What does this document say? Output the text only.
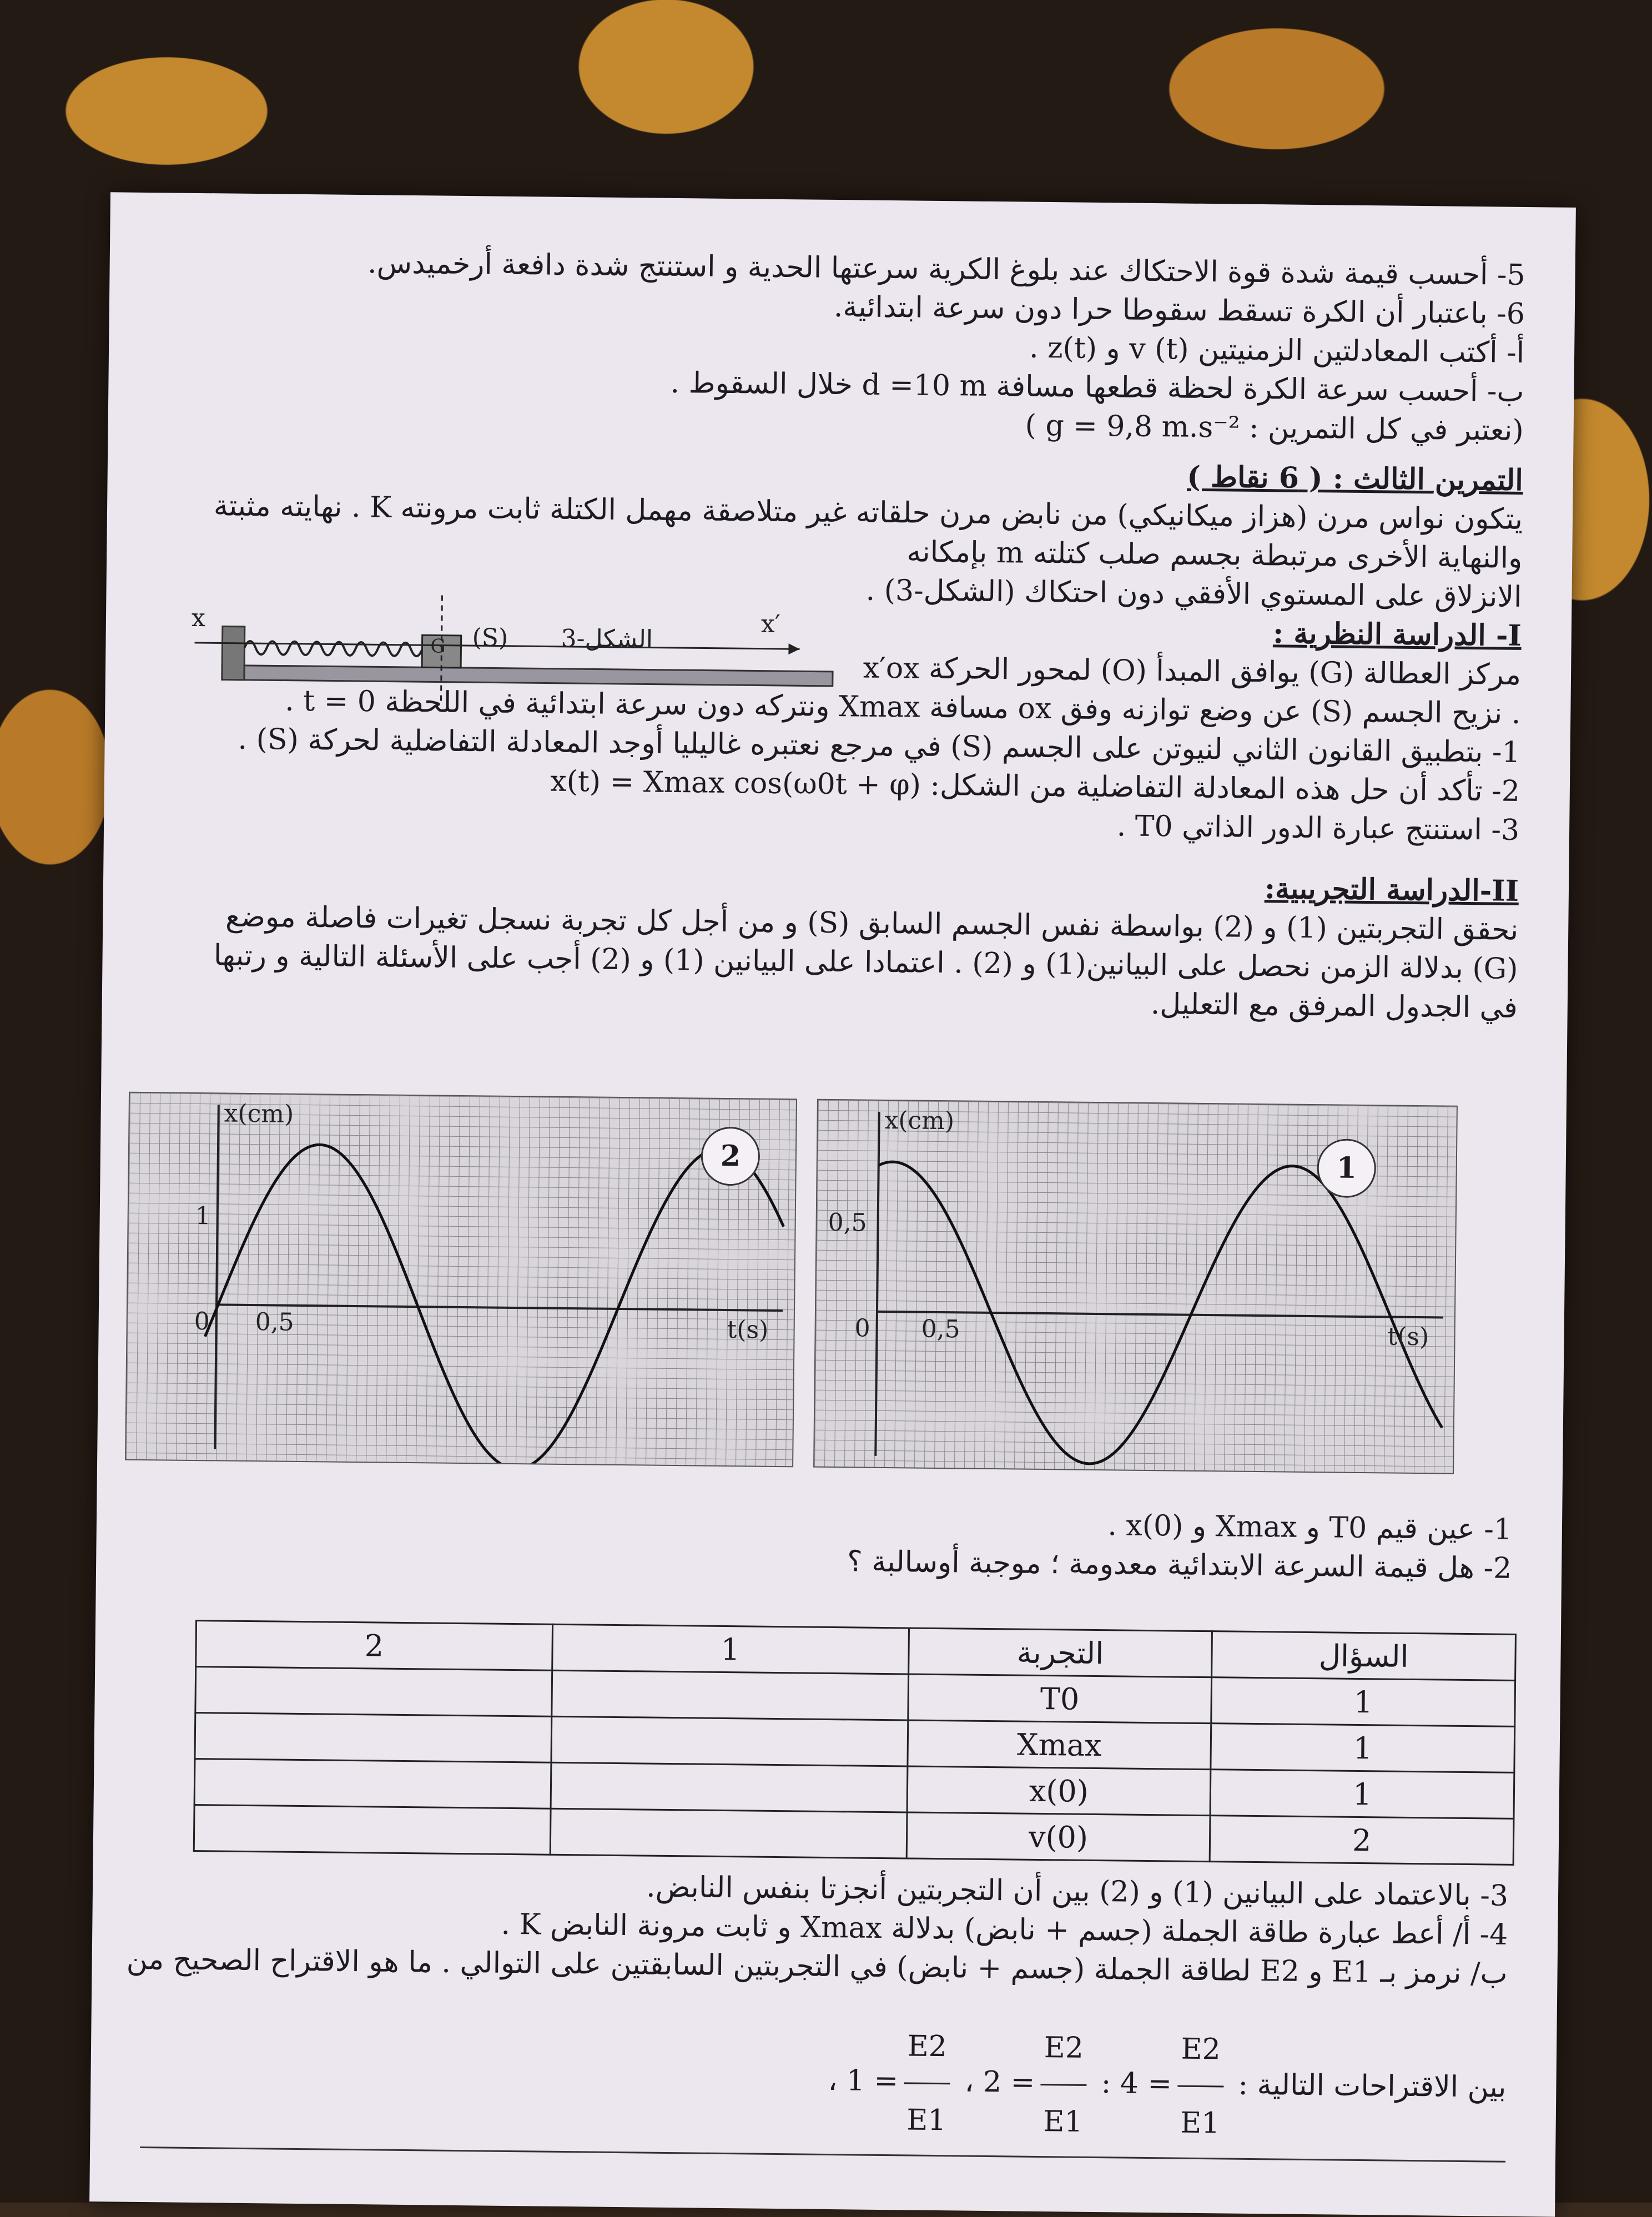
5- أحسب قيمة شدة قوة الاحتكاك عند بلوغ الكرية سرعتها الحدية و استنتج شدة دافعة أرخميدس.
6- باعتبار أن الكرة تسقط سقوطا حرا دون سرعة ابتدائية.
أ- أكتب المعادلتين الزمنيتين (v (t و (z(t .
ب- أحسب سرعة الكرة لحظة قطعها مسافة d =10 m خلال السقوط .
(نعتبر في كل التمرين : g = 9,8 m.s⁻² )
التمرين الثالث : ( 6 نقاط )
يتكون نواس مرن (هزاز ميكانيكي) من نابض مرن حلقاته غير متلاصقة مهمل الكتلة ثابت مرونته K . نهايته مثبتة
والنهاية الأخرى مرتبطة بجسم صلب كتلته m بإمكانه
الانزلاق على المستوي الأفقي دون احتكاك (الشكل-3) .
I- الدراسة النظرية :
مركز العطالة (G) يوافق المبدأ (O) لمحور الحركة x′ox
. نزيح الجسم (S) عن وضع توازنه وفق ox مسافة Xmax ونتركه دون سرعة ابتدائية في اللحظة t = 0 .
1- بتطبيق القانون الثاني لنيوتن على الجسم (S) في مرجع نعتبره غاليليا أوجد المعادلة التفاضلية لحركة (S) .
2- تأكد أن حل هذه المعادلة التفاضلية من الشكل: x(t) = Xmax cos(ω0t + φ)
3- استنتج عبارة الدور الذاتي T0 .
II-الدراسة التجريبية:
نحقق التجربتين (1) و (2) بواسطة نفس الجسم السابق (S) و من أجل كل تجربة نسجل تغيرات فاصلة موضع
(G) بدلالة الزمن نحصل على البيانين(1) و (2) . اعتمادا على البيانين (1) و (2) أجب على الأسئلة التالية و رتبها
في الجدول المرفق مع التعليل.
x	x′
(S) الشكل-3
G
x(cm)
t(s)
1
0,5
0
2
x(cm)
t(s)
0,5
0,5
0
1
1- عين قيم T0 و Xmax و x(0) .
2- هل قيمة السرعة الابتدائية معدومة ؛ موجبة أوسالبة ؟
السؤال	التجربة	1	2
1	T0		
1	Xmax		
1	x(0)		
2	v(0)		
3- بالاعتماد على البيانين (1) و (2) بين أن التجربتين أنجزتا بنفس النابض.
4- أ/ أعط عبارة طاقة الجملة (جسم + نابض) بدلالة Xmax و ثابت مرونة النابض K .
ب/ نرمز بـ E1 و E2 لطاقة الجملة (جسم + نابض) في التجربتين السابقتين على التوالي . ما هو الاقتراح الصحيح من
بين الاقتراحات التالية :
$\frac{E2}{E1}$
= 4 :
$\frac{E2}{E1}$
= 2 ،
$\frac{E2}{E1}$
= 1 ،
